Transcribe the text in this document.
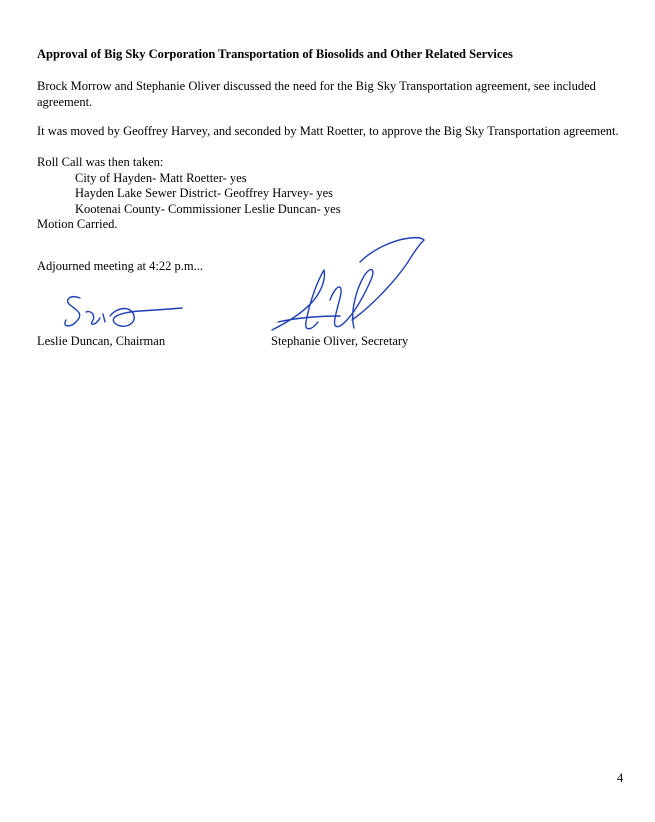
Approval of Big Sky Corporation Transportation of Biosolids and Other Related Services
Brock Morrow and Stephanie Oliver discussed the need for the Big Sky Transportation agreement, see included agreement.
It was moved by Geoffrey Harvey, and seconded by Matt Roetter, to approve the Big Sky Transportation agreement.
Roll Call was then taken:
City of Hayden- Matt Roetter- yes
Hayden Lake Sewer District- Geoffrey Harvey- yes
Kootenai County- Commissioner Leslie Duncan- yes
Motion Carried.
Adjourned meeting at 4:22 p.m...
Leslie Duncan, Chairman	Stephanie Oliver, Secretary
4
